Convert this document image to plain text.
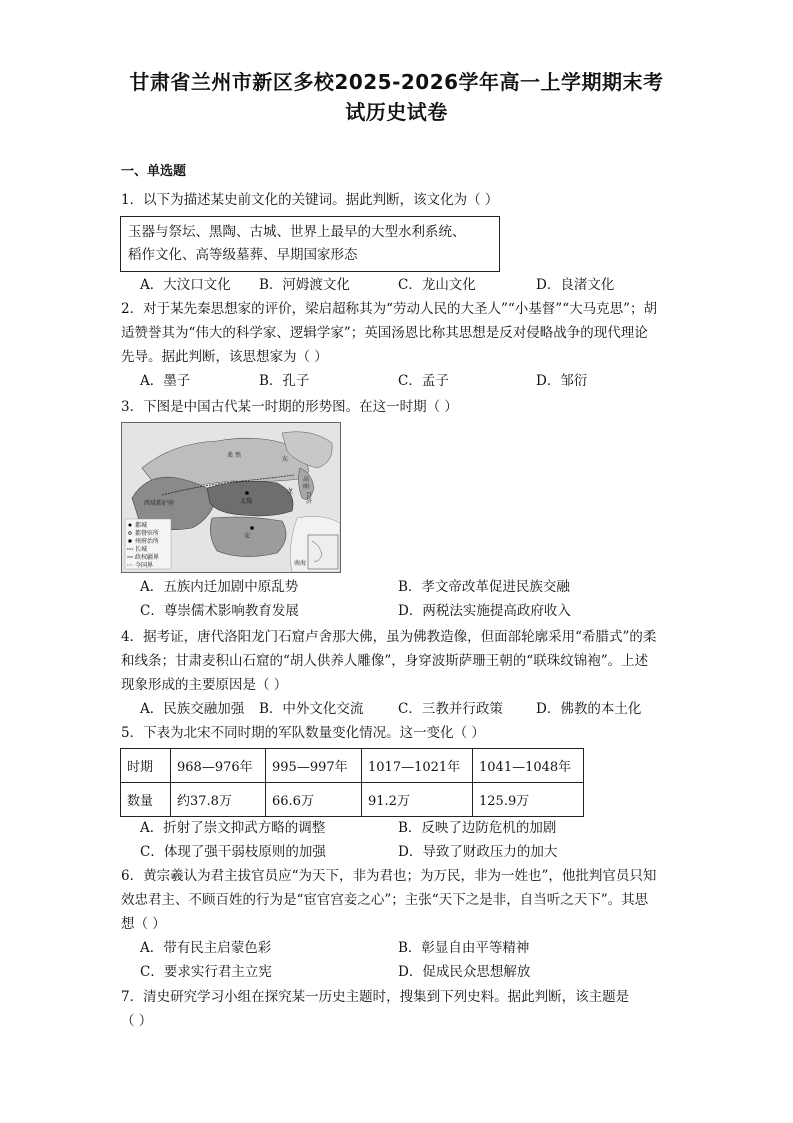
甘肃省兰州市新区多校2025-2026学年高一上学期期末考
试历史试卷
一、单选题
1．以下为描述某史前文化的关键词。据此判断，该文化为（ ）
玉器与祭坛、黑陶、古城、世界上最早的大型水利系统、
稻作文化、高等级墓葬、早期国家形态
A．大汶口文化 B．河姆渡文化	C．龙山文化	D．良渚文化
2．对于某先秦思想家的评价，梁启超称其为“劳动人民的大圣人”“小基督”“大马克思”；胡
适赞誉其为“伟大的科学家、逻辑学家”；英国汤恩比称其思想是反对侵略战争的现代理论
先导。据此判断，该思想家为（ ）
A．墨子	B．孔子	C．孟子	D．邹衍
3．下图是中国古代某一时期的形势图。在这一时期（ ）
柔 然
东
西域都护府	北魏
宋
龙
高
丽
百
济
南海
都城
都督驻所
州府治所
长城
政权疆界
今国界
A．五族内迁加剧中原乱势	B．孝文帝改革促进民族交融
C．尊崇儒术影响教育发展	D．两税法实施提高政府收入
4．据考证，唐代洛阳龙门石窟卢舍那大佛，虽为佛教造像，但面部轮廓采用“希腊式”的柔
和线条；甘肃麦积山石窟的“胡人供养人雕像”，身穿波斯萨珊王朝的“联珠纹锦袍”。上述
现象形成的主要原因是（ ）
A．民族交融加强 B．中外文化交流	C．三教并行政策 D．佛教的本土化
5．下表为北宋不同时期的军队数量变化情况。这一变化（ ）
时期	968—976年	995—997年	1017—1021年	1041—1048年
数量	约37.8万	66.6万	91.2万	125.9万
A．折射了崇文抑武方略的调整	B．反映了边防危机的加剧
C．体现了强干弱枝原则的加强	D．导致了财政压力的加大
6．黄宗羲认为君主拔官员应“为天下，非为君也；为万民，非为一姓也”，他批判官员只知
效忠君主、不顾百姓的行为是“宦官宫妾之心”；主张“天下之是非，自当听之天下”。其思
想（ ）
A．带有民主启蒙色彩	B．彰显自由平等精神
C．要求实行君主立宪	D．促成民众思想解放
7．清史研究学习小组在探究某一历史主题时，搜集到下列史料。据此判断，该主题是
（ ）
